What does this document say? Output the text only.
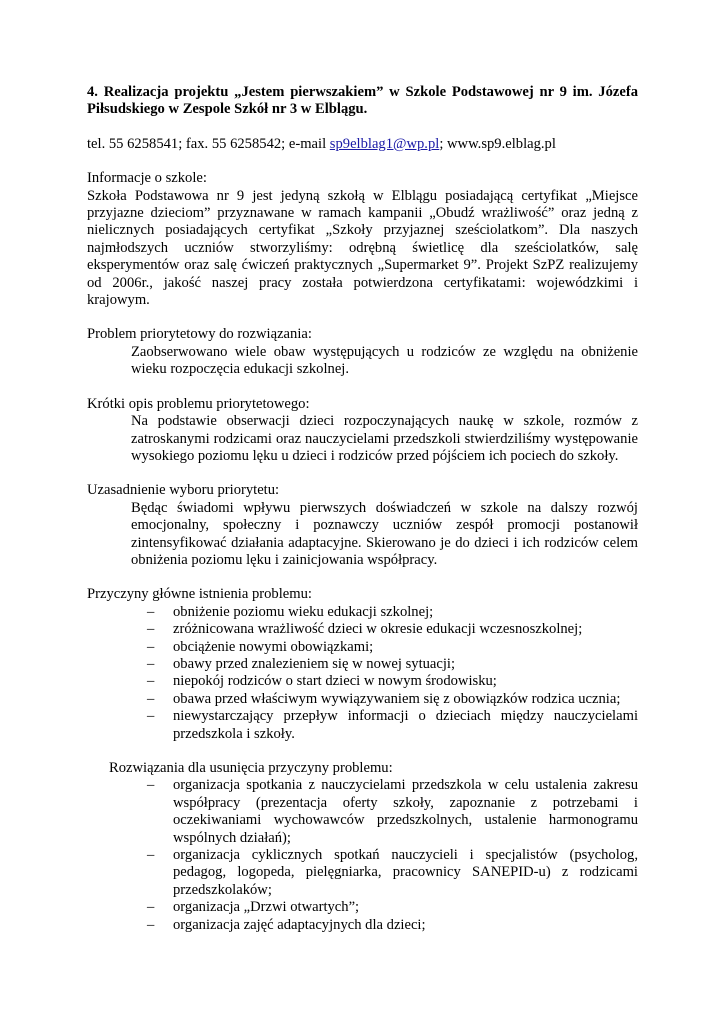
4. Realizacja projektu „Jestem pierwszakiem” w Szkole Podstawowej nr 9 im. Józefa Piłsudskiego w Zespole Szkół nr 3 w Elblągu.

tel. 55 6258541; fax. 55 6258542; e-mail sp9elblag1@wp.pl; www.sp9.elblag.pl
Informacje o szkole:
Szkoła Podstawowa nr 9 jest jedyną szkołą w Elblągu posiadającą certyfikat „Miejsce przyjazne dzieciom” przyznawane w ramach kampanii „Obudź wrażliwość” oraz jedną z nielicznych posiadających certyfikat „Szkoły przyjaznej sześciolatkom”. Dla naszych najmłodszych uczniów stworzyliśmy: odrębną świetlicę dla sześciolatków, salę eksperymentów oraz salę ćwiczeń praktycznych „Supermarket 9”. Projekt SzPZ realizujemy od 2006r., jakość naszej pracy została potwierdzona certyfikatami: wojewódzkimi i krajowym.
Problem priorytetowy do rozwiązania:
Zaobserwowano wiele obaw występujących u rodziców ze względu na obniżenie wieku rozpoczęcia edukacji szkolnej.
Krótki opis problemu priorytetowego:
Na podstawie obserwacji dzieci rozpoczynających naukę w szkole, rozmów z zatroskanymi rodzicami oraz nauczycielami przedszkoli stwierdziliśmy występowanie wysokiego poziomu lęku u dzieci i rodziców przed pójściem ich pociech do szkoły.
Uzasadnienie wyboru priorytetu:
Będąc świadomi wpływu pierwszych doświadczeń w szkole na dalszy rozwój emocjonalny, społeczny i poznawczy uczniów zespół promocji postanowił zintensyfikować działania adaptacyjne. Skierowano je do dzieci i ich rodziców celem obniżenia poziomu lęku i zainicjowania współpracy.
Przyczyny główne istnienia problemu:
– obniżenie poziomu wieku edukacji szkolnej;
– zróżnicowana wrażliwość dzieci w okresie edukacji wczesnoszkolnej;
– obciążenie nowymi obowiązkami;
– obawy przed znalezieniem się w nowej sytuacji;
– niepokój rodziców o start dzieci w nowym środowisku;
– obawa przed właściwym wywiązywaniem się z obowiązków rodzica ucznia;
– niewystarczający przepływ informacji o dzieciach między nauczycielami przedszkola i szkoły.
Rozwiązania dla usunięcia przyczyny problemu:
– organizacja spotkania z nauczycielami przedszkola w celu ustalenia zakresu współpracy (prezentacja oferty szkoły, zapoznanie z potrzebami i oczekiwaniami wychowawców przedszkolnych, ustalenie harmonogramu wspólnych działań);
– organizacja cyklicznych spotkań nauczycieli i specjalistów (psycholog, pedagog, logopeda, pielęgniarka, pracownicy SANEPID-u) z rodzicami przedszkolaków;
– organizacja „Drzwi otwartych”;
– organizacja zajęć adaptacyjnych dla dzieci;
